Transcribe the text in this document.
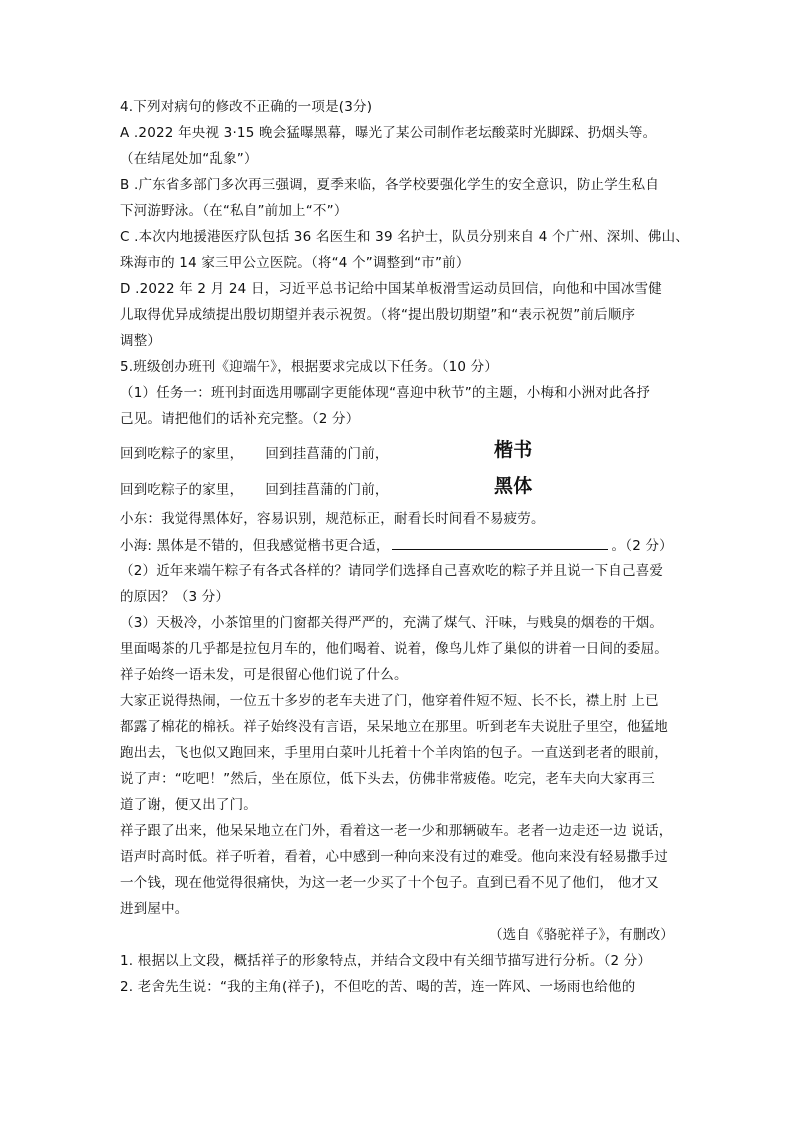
4.下列对病句的修改不正确的一项是(3分)
A .2022 年央视 3·15 晚会猛曝黑幕，曝光了某公司制作老坛酸菜时光脚踩、扔烟头等。
（在结尾处加“乱象”）
B .广东省多部门多次再三强调，夏季来临，各学校要强化学生的安全意识，防止学生私自
下河游野泳。（在“私自”前加上“不”）
C .本次内地援港医疗队包括 36 名医生和 39 名护士，队员分别来自 4 个广州、深圳、佛山、
珠海市的 14 家三甲公立医院。（将“4 个”调整到“市”前）
D .2022 年 2 月 24 日，习近平总书记给中国某单板滑雪运动员回信，向他和中国冰雪健
儿取得优异成绩提出殷切期望并表示祝贺。（将“提出殷切期望”和“表示祝贺”前后顺序
调整）
5.班级创办班刊《迎端午》，根据要求完成以下任务。（10 分）
（1）任务一：班刊封面选用哪副字更能体现“喜迎中秋节”的主题，小梅和小洲对此各抒
己见。请把他们的话补充完整。（2 分）
回到吃粽子的家里， 回到挂菖蒲的门前，	楷书
回到吃粽子的家里， 回到挂菖蒲的门前，	黑体
小东：我觉得黑体好，容易识别，规范标正，耐看长时间看不易疲劳。
小海: 黑体是不错的，但我感觉楷书更合适，	。（2 分）
（2）近年来端午粽子有各式各样的？请同学们选择自己喜欢吃的粽子并且说一下自己喜爱
的原因？（3 分）
（3）天极冷，小茶馆里的门窗都关得严严的，充满了煤气、汗味，与贱臭的烟卷的干烟。
里面喝茶的几乎都是拉包月车的，他们喝着、说着，像鸟儿炸了巢似的讲着一日间的委屈。
祥子始终一语未发，可是很留心他们说了什么。
大家正说得热闹，一位五十多岁的老车夫进了门，他穿着件短不短、长不长，襟上肘 上已
都露了棉花的棉袄。祥子始终没有言语，呆呆地立在那里。听到老车夫说肚子里空，他猛地
跑出去，飞也似又跑回来，手里用白菜叶儿托着十个羊肉馅的包子。一直送到老者的眼前，
说了声：“吃吧！”然后，坐在原位，低下头去，仿佛非常疲倦。吃完，老车夫向大家再三
道了谢，便又出了门。
祥子跟了出来，他呆呆地立在门外，看着这一老一少和那辆破车。老者一边走还一边 说话，
语声时高时低。祥子听着，看着，心中感到一种向来没有过的难受。他向来没有轻易撒手过
一个钱，现在他觉得很痛快，为这一老一少买了十个包子。直到已看不见了他们， 他才又
进到屋中。
（选自《骆驼祥子》，有删改）
1. 根据以上文段，概括祥子的形象特点，并结合文段中有关细节描写进行分析。（2 分）
2. 老舍先生说：“我的主角(祥子)，不但吃的苦、喝的苦，连一阵风、一场雨也给他的
